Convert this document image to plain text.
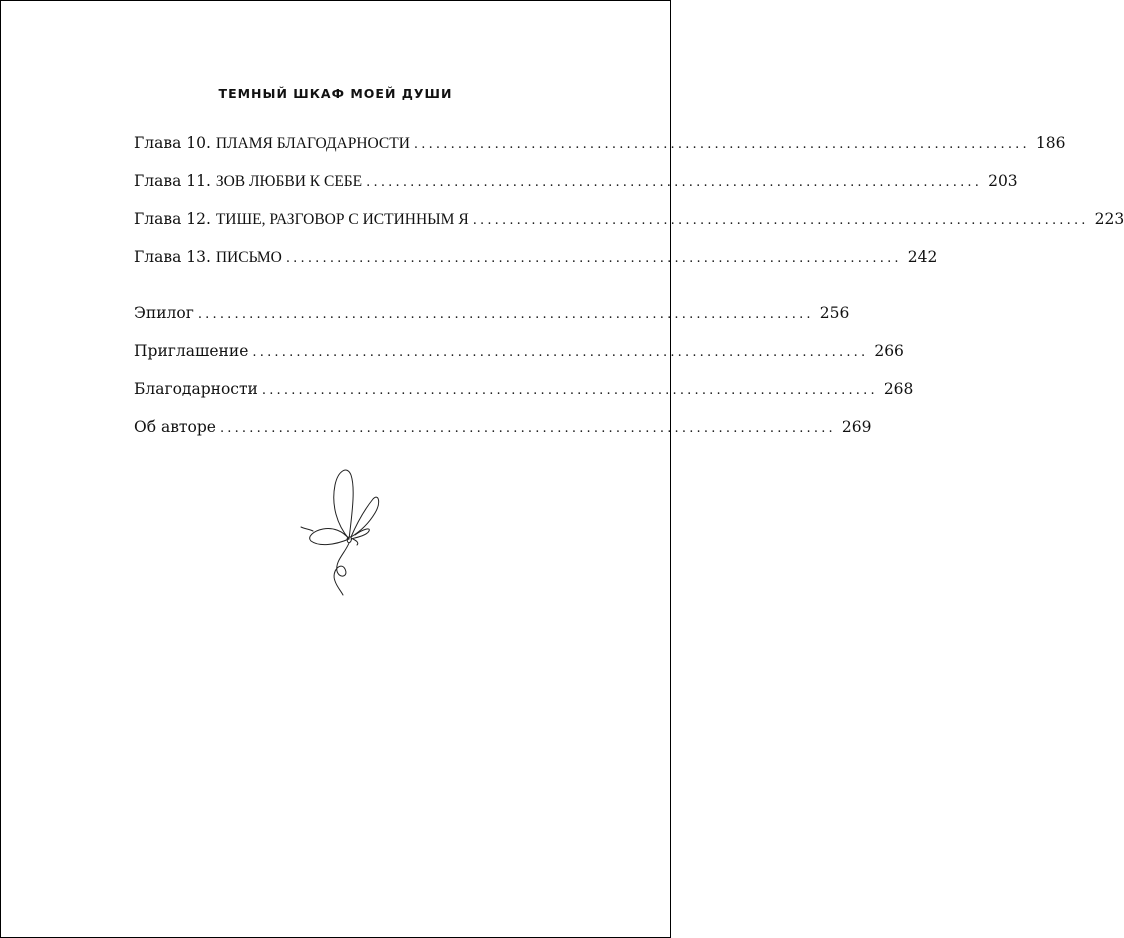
ТЕМНЫЙ ШКАФ МОЕЙ ДУШИ
Глава 10. ПЛАМЯ БЛАГОДАРНОСТИ .................................................................................... 186
Глава 11. ЗОВ ЛЮБВИ К СЕБЕ .................................................................................... 203
Глава 12. ТИШЕ, РАЗГОВОР С ИСТИННЫМ Я .................................................................................... 223
Глава 13. ПИСЬМО .................................................................................... 242
Эпилог .................................................................................... 256
Приглашение .................................................................................... 266
Благодарности .................................................................................... 268
Об авторе .................................................................................... 269
